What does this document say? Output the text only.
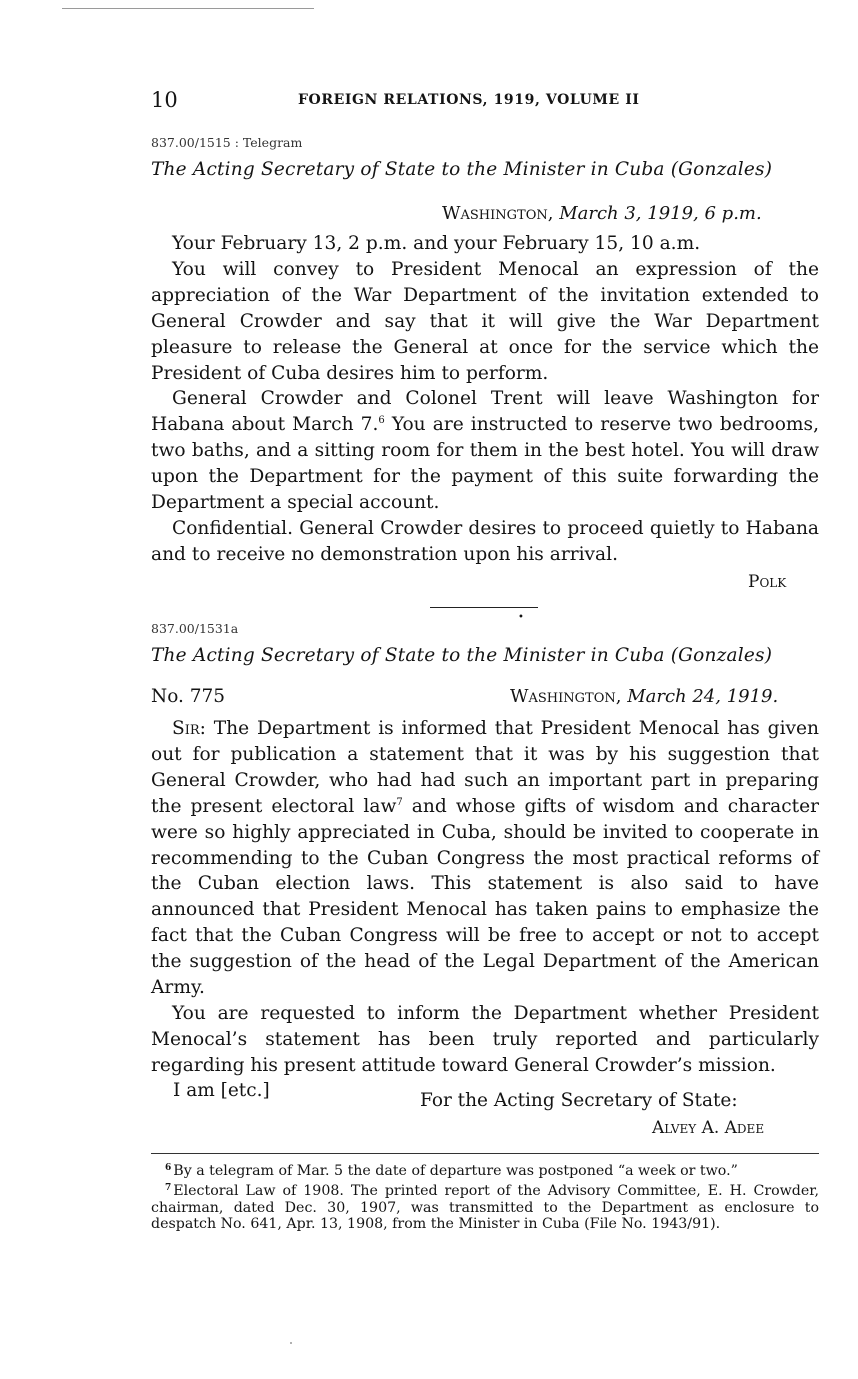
10	FOREIGN RELATIONS, 1919, VOLUME II
837.00/1515 : Telegram
The Acting Secretary of State to the Minister in Cuba (Gonzales)
Washington, March 3, 1919, 6 p.m.

Your February 13, 2 p.m. and your February 15, 10 a.m.

You will convey to President Menocal an expression of the appreciation of the War Department of the invitation extended to General Crowder and say that it will give the War Department pleasure to release the General at once for the service which the President of Cuba desires him to perform.

General Crowder and Colonel Trent will leave Washington for Habana about March 7.$^6$ You are instructed to reserve two bedrooms, two baths, and a sitting room for them in the best hotel. You will draw upon the Department for the payment of this suite forwarding the Department a special account.

Confidential. General Crowder desires to proceed quietly to Habana and to receive no demonstration upon his arrival.

Polk
•
837.00/1531a
The Acting Secretary of State to the Minister in Cuba (Gonzales)
No. 775	Washington, March 24, 1919.

Sir: The Department is informed that President Menocal has given out for publication a statement that it was by his suggestion that General Crowder, who had had such an important part in preparing the present electoral law$^7$ and whose gifts of wisdom and character were so highly appreciated in Cuba, should be invited to cooperate in recommending to the Cuban Congress the most practical reforms of the Cuban election laws. This statement is also said to have announced that President Menocal has taken pains to emphasize the fact that the Cuban Congress will be free to accept or not to accept the suggestion of the head of the Legal Department of the American Army.

You are requested to inform the Department whether President Menocal’s statement has been truly reported and particularly regarding his present attitude toward General Crowder’s mission.

I am [etc.]	For the Acting Secretary of State:
Alvey A. Adee

$^6$ By a telegram of Mar. 5 the date of departure was postponed “a week or two.”

$^7$ Electoral Law of 1908. The printed report of the Advisory Committee, E. H. Crowder, chairman, dated Dec. 30, 1907, was transmitted to the Department as enclosure to despatch No. 641, Apr. 13, 1908, from the Minister in Cuba (File No. 1943/91).
